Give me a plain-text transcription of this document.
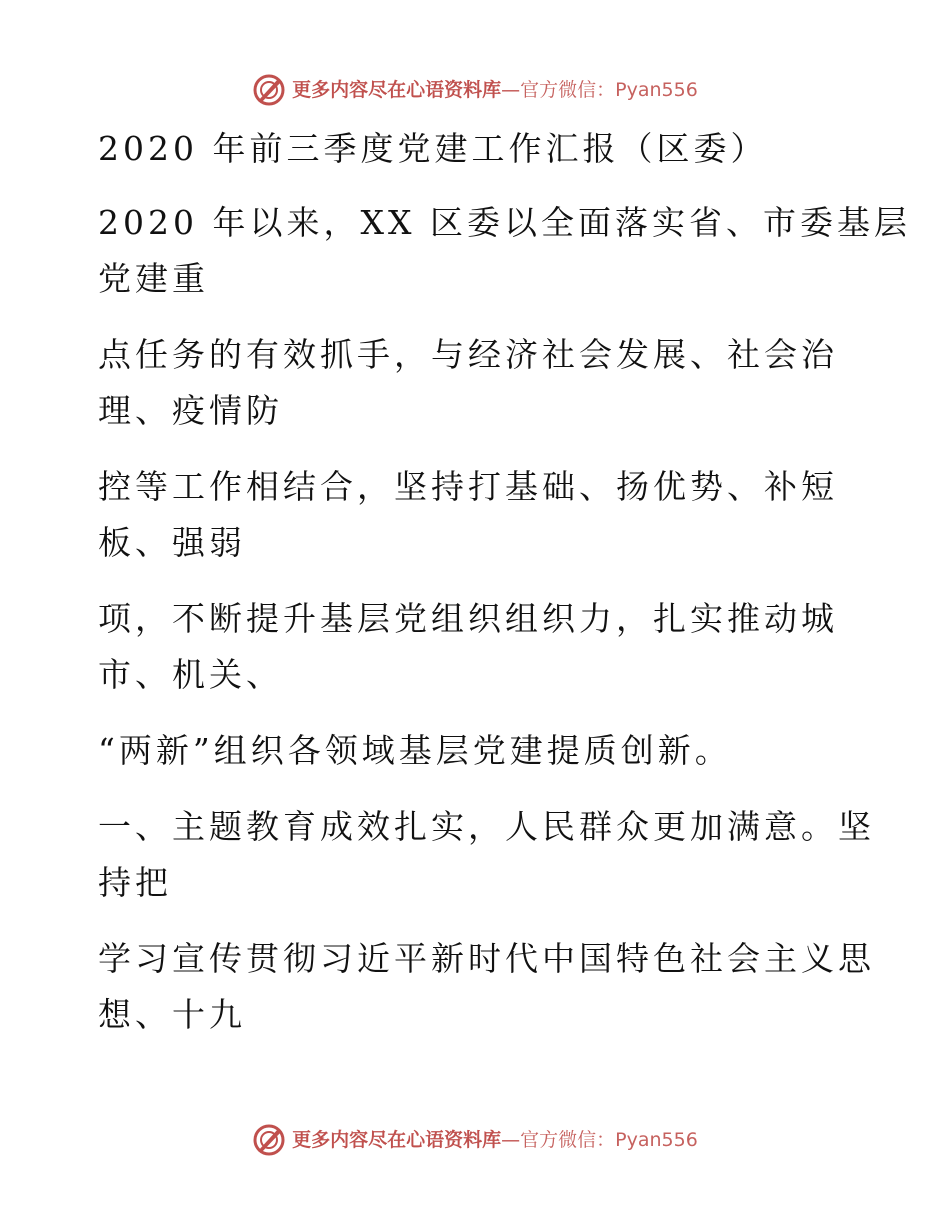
更多内容尽在心语资料库—官方微信：Pyan556
2020 年前三季度党建工作汇报（区委）
2020 年以来，XX 区委以全面落实省、市委基层
党建重
点任务的有效抓手，与经济社会发展、社会治
理、疫情防
控等工作相结合，坚持打基础、扬优势、补短
板、强弱
项，不断提升基层党组织组织力，扎实推动城
市、机关、
“两新”组织各领域基层党建提质创新。
一、主题教育成效扎实，人民群众更加满意。坚
持把
学习宣传贯彻习近平新时代中国特色社会主义思
想、十九
更多内容尽在心语资料库—官方微信：Pyan556
